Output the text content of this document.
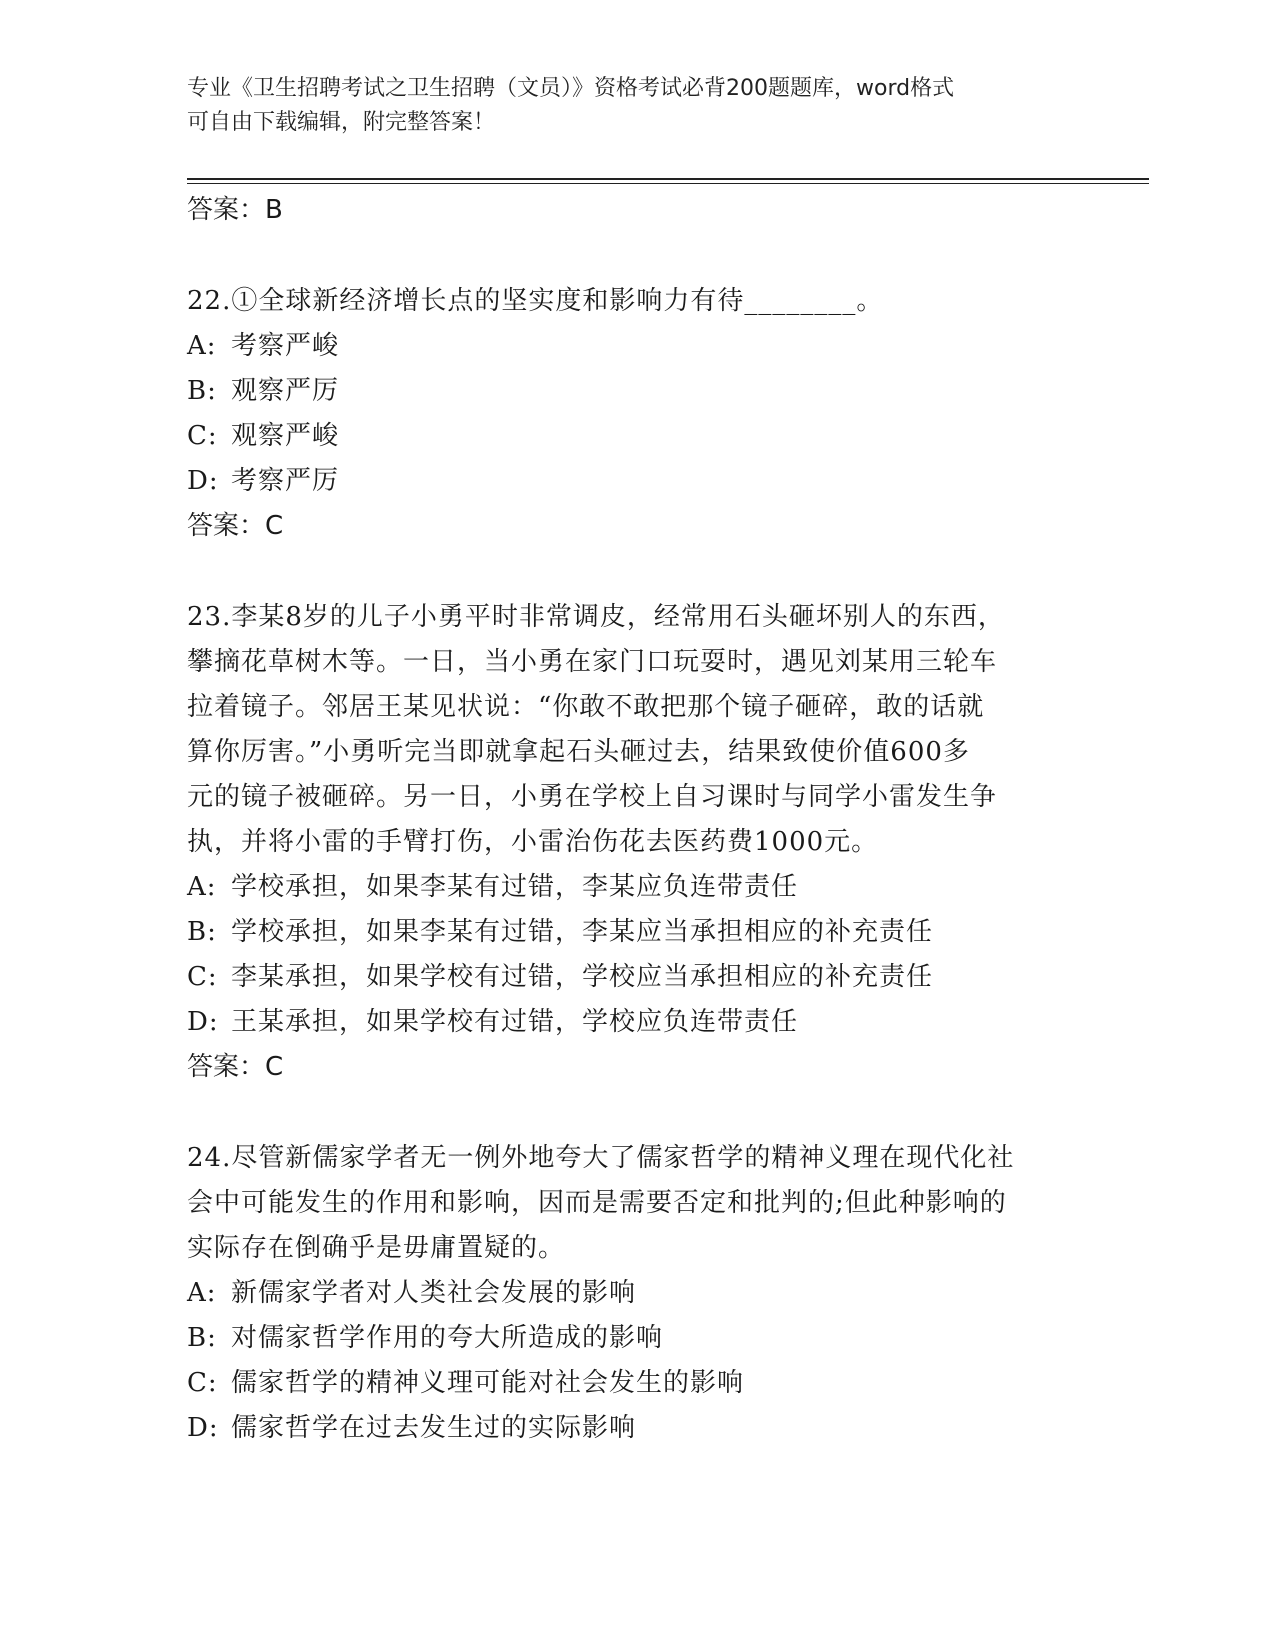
专业《卫生招聘考试之卫生招聘（文员）》资格考试必背200题题库，word格式
可自由下载编辑，附完整答案！
答案：B
22.①全球新经济增长点的坚实度和影响力有待________。
A: 考察严峻
B: 观察严厉
C: 观察严峻
D: 考察严厉
答案：C
23.李某8岁的儿子小勇平时非常调皮，经常用石头砸坏别人的东西，
攀摘花草树木等。一日，当小勇在家门口玩耍时，遇见刘某用三轮车
拉着镜子。邻居王某见状说：“你敢不敢把那个镜子砸碎，敢的话就
算你厉害。”小勇听完当即就拿起石头砸过去，结果致使价值600多
元的镜子被砸碎。另一日，小勇在学校上自习课时与同学小雷发生争
执，并将小雷的手臂打伤，小雷治伤花去医药费1000元。
A: 学校承担，如果李某有过错，李某应负连带责任
B: 学校承担，如果李某有过错，李某应当承担相应的补充责任
C: 李某承担，如果学校有过错，学校应当承担相应的补充责任
D: 王某承担，如果学校有过错，学校应负连带责任
答案：C
24.尽管新儒家学者无一例外地夸大了儒家哲学的精神义理在现代化社
会中可能发生的作用和影响，因而是需要否定和批判的;但此种影响的
实际存在倒确乎是毋庸置疑的。
A: 新儒家学者对人类社会发展的影响
B: 对儒家哲学作用的夸大所造成的影响
C: 儒家哲学的精神义理可能对社会发生的影响
D: 儒家哲学在过去发生过的实际影响
